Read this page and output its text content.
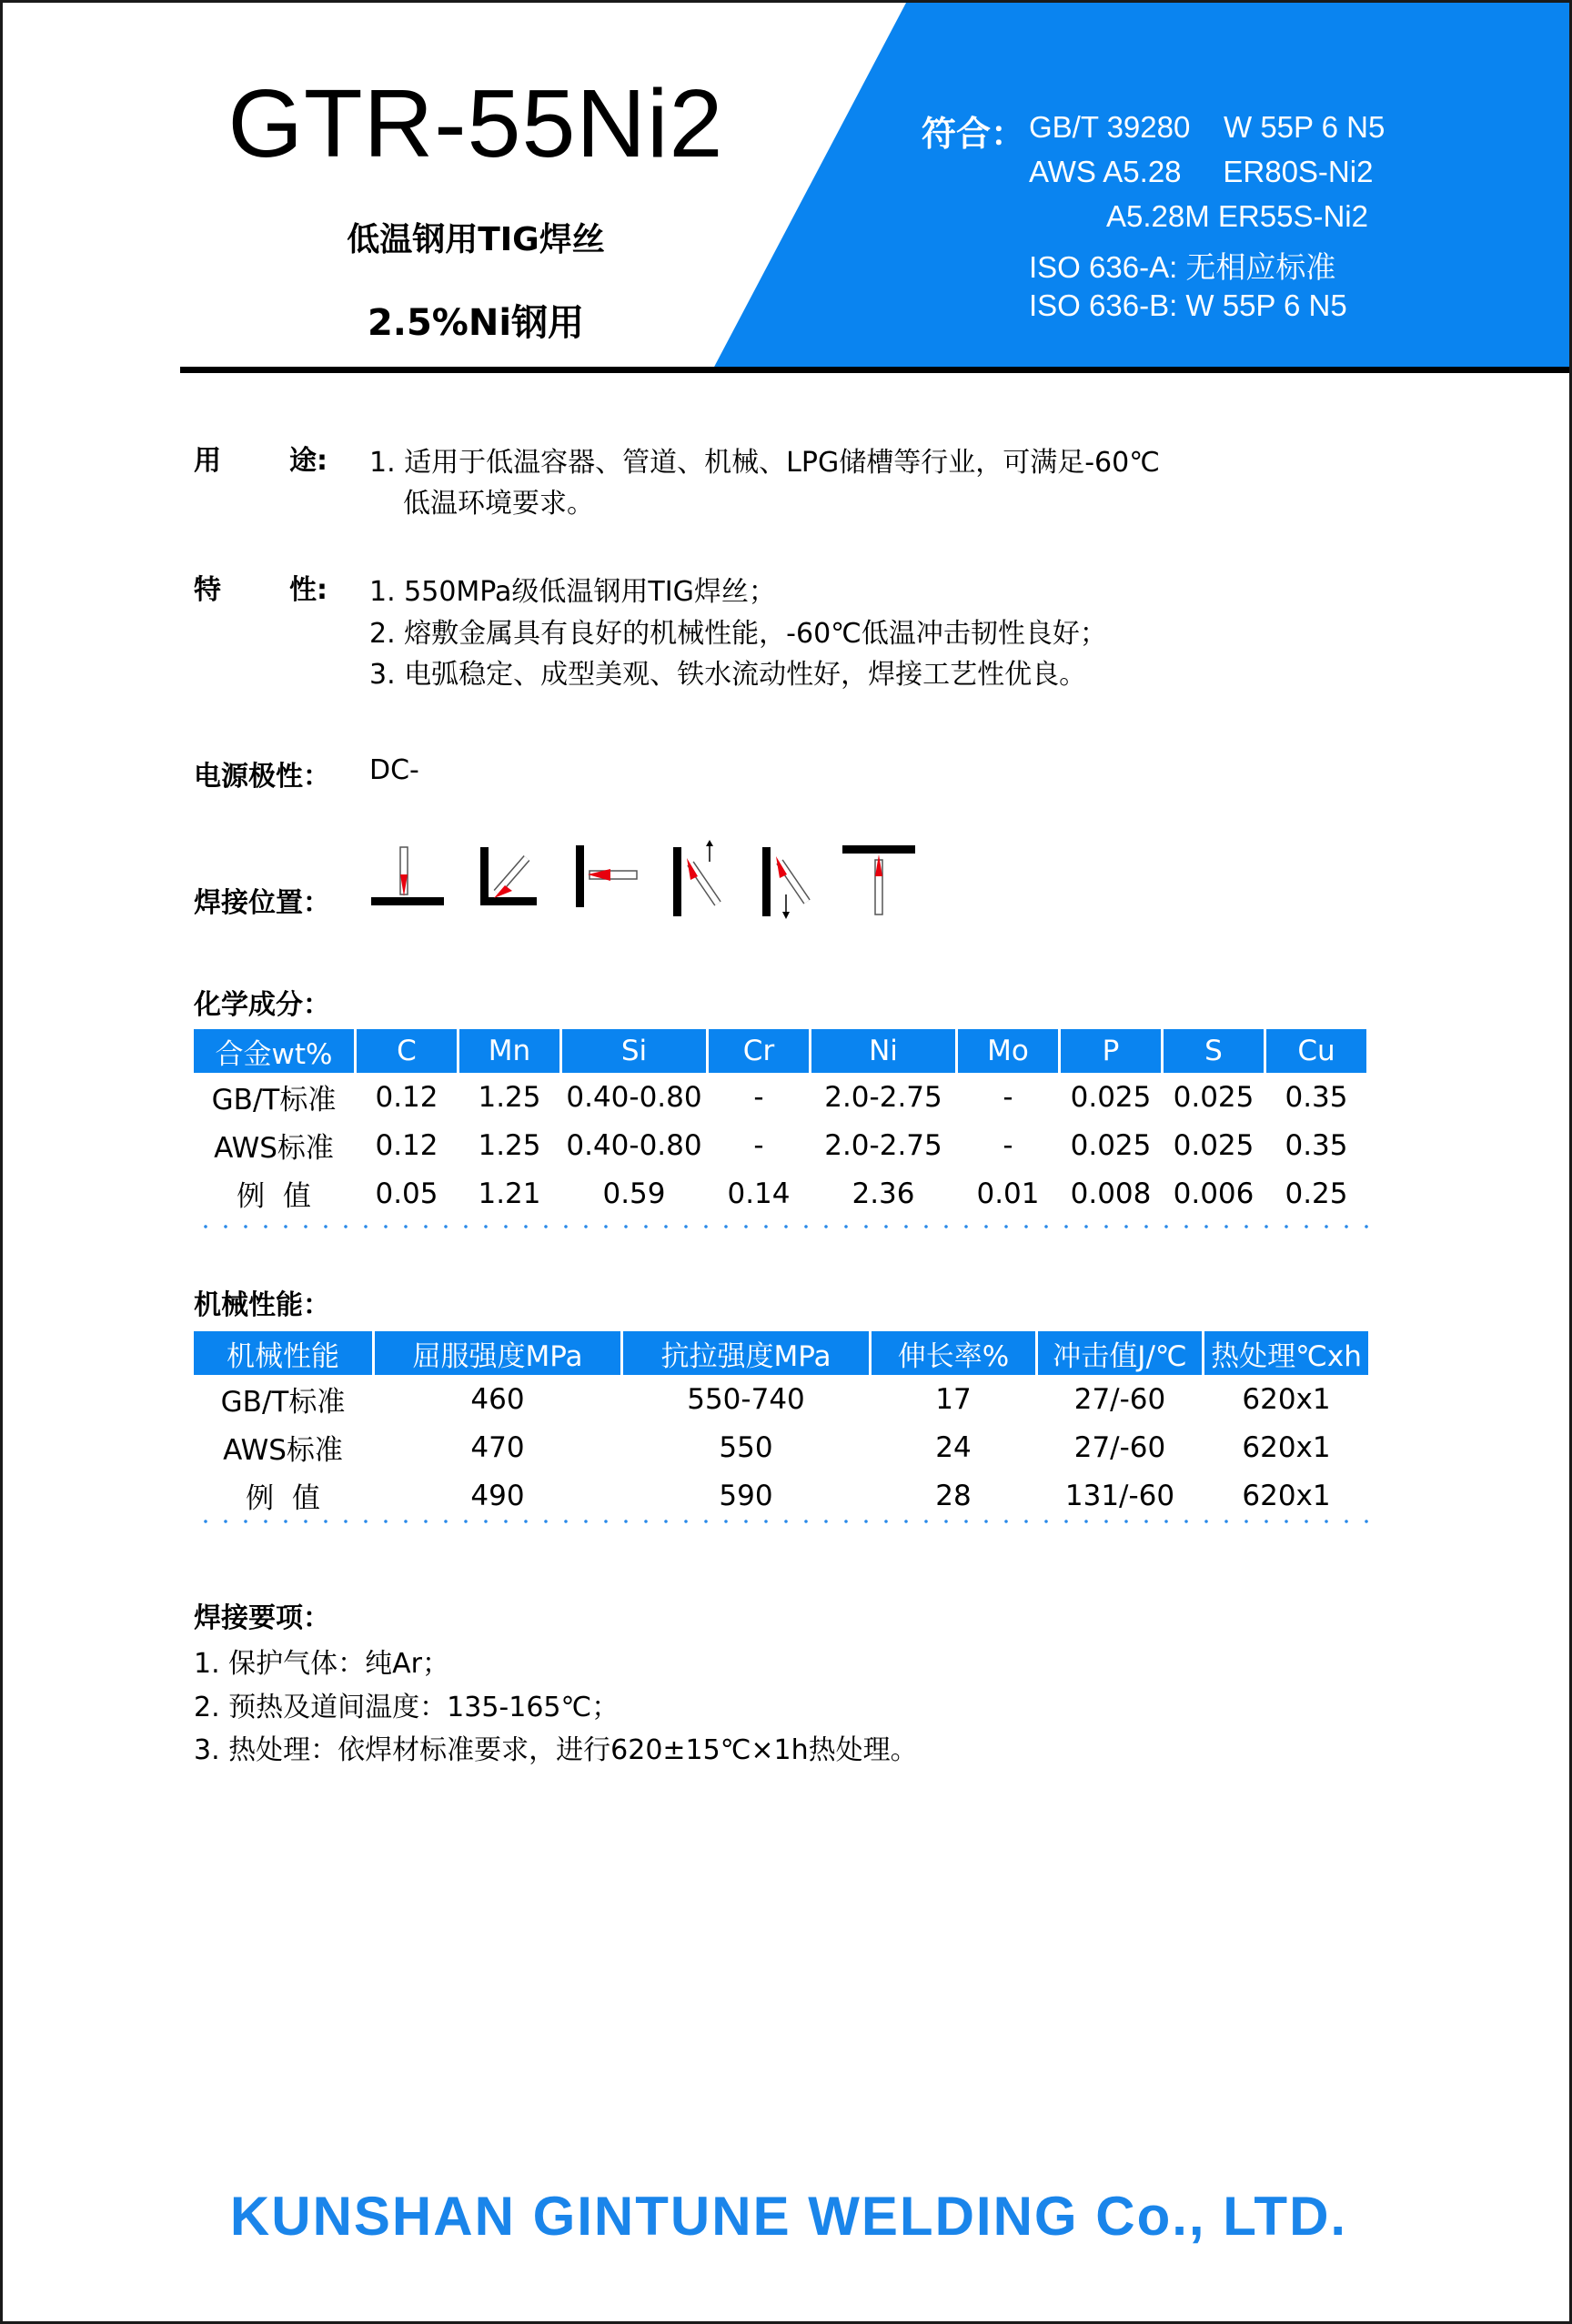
GTR-55Ni2
低温钢用TIG焊丝
2.5%Ni钢用
符合： GB/T 39280    W 55P 6 N5
AWS A5.28     ER80S-Ni2
A5.28M ER55S-Ni2
ISO 636-A: 无相应标准
ISO 636-B: W 55P 6 N5
用	途: 1. 适用于低温容器、管道、机械、LPG储槽等行业，可满足-60℃
低温环境要求。
特	性: 1. 550MPa级低温钢用TIG焊丝；
2. 熔敷金属具有良好的机械性能，-60℃低温冲击韧性良好；
3. 电弧稳定、成型美观、铁水流动性好，焊接工艺性优良。
电源极性： DC-
焊接位置：
化学成分：
合金wt%	C	Mn	Si	Cr	Ni	Mo	P	S	Cu
GB/T标准	0.12	1.25	0.40-0.80	-	2.0-2.75	-	0.025	0.025	0.35
AWS标准	0.12	1.25	0.40-0.80	-	2.0-2.75	-	0.025	0.025	0.35
例  值	0.05	1.21	0.59	0.14	2.36	0.01	0.008	0.006	0.25
机械性能：
机械性能	屈服强度MPa	抗拉强度MPa	伸长率%	冲击值J/℃	热处理℃xh
GB/T标准	460	550-740	17	27/-60	620x1
AWS标准	470	550	24	27/-60	620x1
例  值	490	590	28	131/-60	620x1
焊接要项：
1. 保护气体：纯Ar；
2. 预热及道间温度：135-165℃；
3. 热处理：依焊材标准要求，进行620±15℃×1h热处理。
KUNSHAN GINTUNE WELDING Co., LTD.
